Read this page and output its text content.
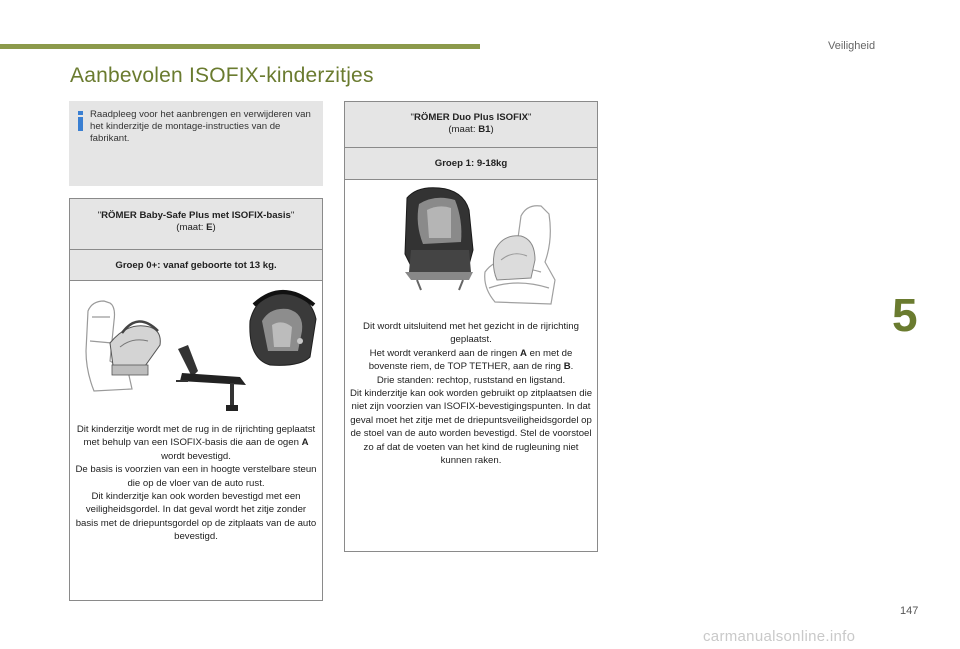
Veiligheid
Aanbevolen ISOFIX-kinderzitjes
Raadpleeg voor het aanbrengen en verwijderen van het kinderzitje de montage-instructies van de fabrikant.
"RÖMER Baby-Safe Plus met ISOFIX-basis"
(maat: E)
Groep 0+: vanaf geboorte tot 13 kg.
Dit kinderzitje wordt met de rug in de rijrichting geplaatst met behulp van een ISOFIX-basis die aan de ogen A wordt bevestigd.
De basis is voorzien van een in hoogte verstelbare steun die op de vloer van de auto rust.
Dit kinderzitje kan ook worden bevestigd met een veiligheidsgordel. In dat geval wordt het zitje zonder basis met de driepuntsgordel op de zitplaats van de auto bevestigd.
"RÖMER Duo Plus ISOFIX"
(maat: B1)
Groep 1: 9-18kg
Dit wordt uitsluitend met het gezicht in de rijrichting geplaatst.
Het wordt verankerd aan de ringen A en met de bovenste riem, de TOP TETHER, aan de ring B.
Drie standen: rechtop, ruststand en ligstand.
Dit kinderzitje kan ook worden gebruikt op zitplaatsen die niet zijn voorzien van ISOFIX-bevestigingspunten. In dat geval moet het zitje met de driepuntsveiligheidsgordel op de stoel van de auto worden bevestigd. Stel de voorstoel zo af dat de voeten van het kind de rugleuning niet kunnen raken.
5
147
carmanualsonline.info
